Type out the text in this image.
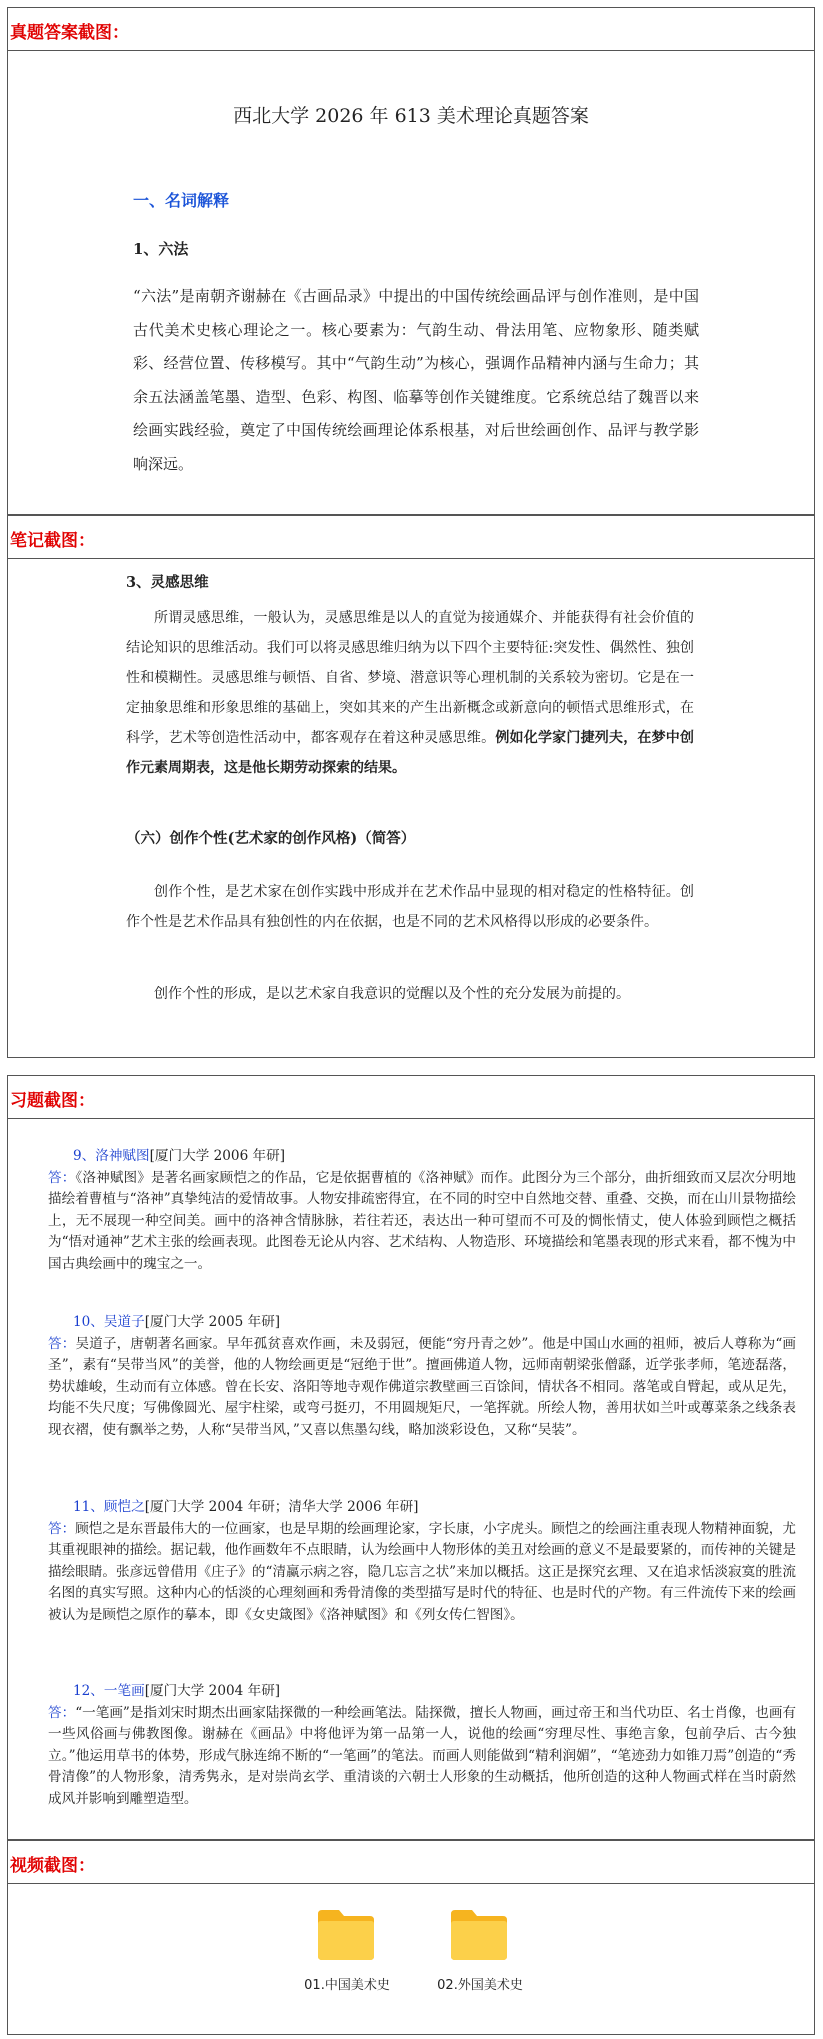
真题答案截图：
西北大学 2026 年 613 美术理论真题答案
一、名词解释
1、六法

“六法”是南朝齐谢赫在《古画品录》中提出的中国传统绘画品评与创作准则，是中国古代美术史核心理论之一。核心要素为：气韵生动、骨法用笔、应物象形、随类赋彩、经营位置、传移模写。其中“气韵生动”为核心，强调作品精神内涵与生命力；其余五法涵盖笔墨、造型、色彩、构图、临摹等创作关键维度。它系统总结了魏晋以来绘画实践经验，奠定了中国传统绘画理论体系根基，对后世绘画创作、品评与教学影响深远。

笔记截图：
3、灵感思维

所谓灵感思维，一般认为，灵感思维是以人的直觉为接通媒介、并能获得有社会价值的结论知识的思维活动。我们可以将灵感思维归纳为以下四个主要特征:突发性、偶然性、独创性和模糊性。灵感思维与顿悟、自省、梦境、潜意识等心理机制的关系较为密切。它是在一定抽象思维和形象思维的基础上，突如其来的产生出新概念或新意向的顿悟式思维形式，在科学，艺术等创造性活动中，都客观存在着这种灵感思维。例如化学家门捷列夫，在梦中创作元素周期表，这是他长期劳动探索的结果。

（六）创作个性(艺术家的创作风格)（简答）

创作个性，是艺术家在创作实践中形成并在艺术作品中显现的相对稳定的性格特征。创作个性是艺术作品具有独创性的内在依据，也是不同的艺术风格得以形成的必要条件。

创作个性的形成，是以艺术家自我意识的觉醒以及个性的充分发展为前提的。

习题截图：

9、洛神赋图[厦门大学 2006 年研]
答：《洛神赋图》是著名画家顾恺之的作品，它是依据曹植的《洛神赋》而作。此图分为三个部分，曲折细致而又层次分明地描绘着曹植与“洛神”真挚纯洁的爱情故事。人物安排疏密得宜，在不同的时空中自然地交替、重叠、交换，而在山川景物描绘上，无不展现一种空间美。画中的洛神含情脉脉，若往若还，表达出一种可望而不可及的惆怅情丈，使人体验到顾恺之概括为“悟对通神”艺术主张的绘画表现。此图卷无论从内容、艺术结构、人物造形、环境描绘和笔墨表现的形式来看，都不愧为中国古典绘画中的瑰宝之一。

10、吴道子[厦门大学 2005 年研]
答：吴道子，唐朝著名画家。早年孤贫喜欢作画，未及弱冠，便能“穷丹青之妙”。他是中国山水画的祖师，被后人尊称为“画圣”，素有“吴带当风”的美誉，他的人物绘画更是“冠绝于世”。擅画佛道人物，远师南朝梁张僧繇，近学张孝师，笔迹磊落，势状雄峻，生动而有立体感。曾在长安、洛阳等地寺观作佛道宗教壁画三百馀间，情状各不相同。落笔或自臂起，或从足先，均能不失尺度；写佛像圆光、屋宇柱梁，或弯弓挺刃，不用圆规矩尺，一笔挥就。所绘人物，善用状如兰叶或蓴菜条之线条表现衣褶，使有飘举之势，人称“吴带当风，”又喜以焦墨勾线，略加淡彩设色，又称“吴装”。

11、顾恺之[厦门大学 2004 年研；清华大学 2006 年研]
答：顾恺之是东晋最伟大的一位画家，也是早期的绘画理论家，字长康，小字虎头。顾恺之的绘画注重表现人物精神面貌，尤其重视眼神的描绘。据记载，他作画数年不点眼睛，认为绘画中人物形体的美丑对绘画的意义不是最要紧的，而传神的关键是描绘眼睛。张彦远曾借用《庄子》的“清赢示病之容，隐几忘言之状”来加以概括。这正是探究玄理、又在追求恬淡寂寞的胜流名图的真实写照。这种内心的恬淡的心理刻画和秀骨清像的类型描写是时代的特征、也是时代的产物。有三件流传下来的绘画被认为是顾恺之原作的摹本，即《女史箴图》《洛神赋图》和《列女传仁智图》。

12、一笔画[厦门大学 2004 年研]
答：“一笔画”是指刘宋时期杰出画家陆探微的一种绘画笔法。陆探微，擅长人物画，画过帝王和当代功臣、名士肖像，也画有一些风俗画与佛教图像。谢赫在《画品》中将他评为第一品第一人，说他的绘画“穷理尽性、事绝言象，包前孕后、古今独立。”他运用草书的体势，形成气脉连绵不断的“一笔画”的笔法。而画人则能做到“精利润媚”，“笔迹劲力如锥刀焉”创造的“秀骨清像”的人物形象，清秀隽永，是对崇尚玄学、重清谈的六朝士人形象的生动概括，他所创造的这种人物画式样在当时蔚然成风并影响到雕塑造型。

视频截图：
01.中国美术史	02.外国美术史
